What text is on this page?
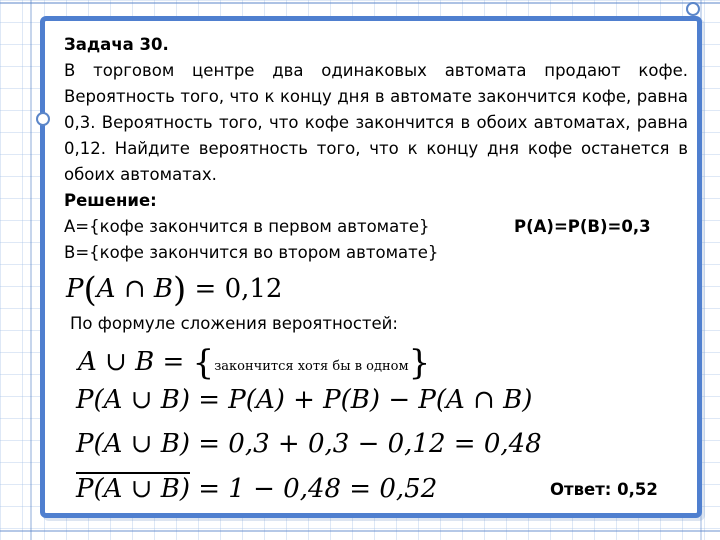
Задача 30.
В торговом центре два одинаковых автомата продают кофе. Вероятность того, что к концу дня в автомате закончится кофе, равна 0,3. Вероятность того, что кофе закончится в обоих автоматах, равна 0,12. Найдите вероятность того, что к концу дня кофе останется в обоих автоматах.
Решение:
А={кофе закончится в первом автомате}	P(A)=P(B)=0,3
В={кофе закончится во втором автомате}
P(A ∩ B) = 0,12
По формуле сложения вероятностей:
A ∪ B = {закончится хотя бы в одном}
P(A ∪ B) = P(A) + P(B) − P(A ∩ B)
P(A ∪ B) = 0,3 + 0,3 − 0,12 = 0,48
P(A ∪ B) = 1 − 0,48 = 0,52	Ответ: 0,52
